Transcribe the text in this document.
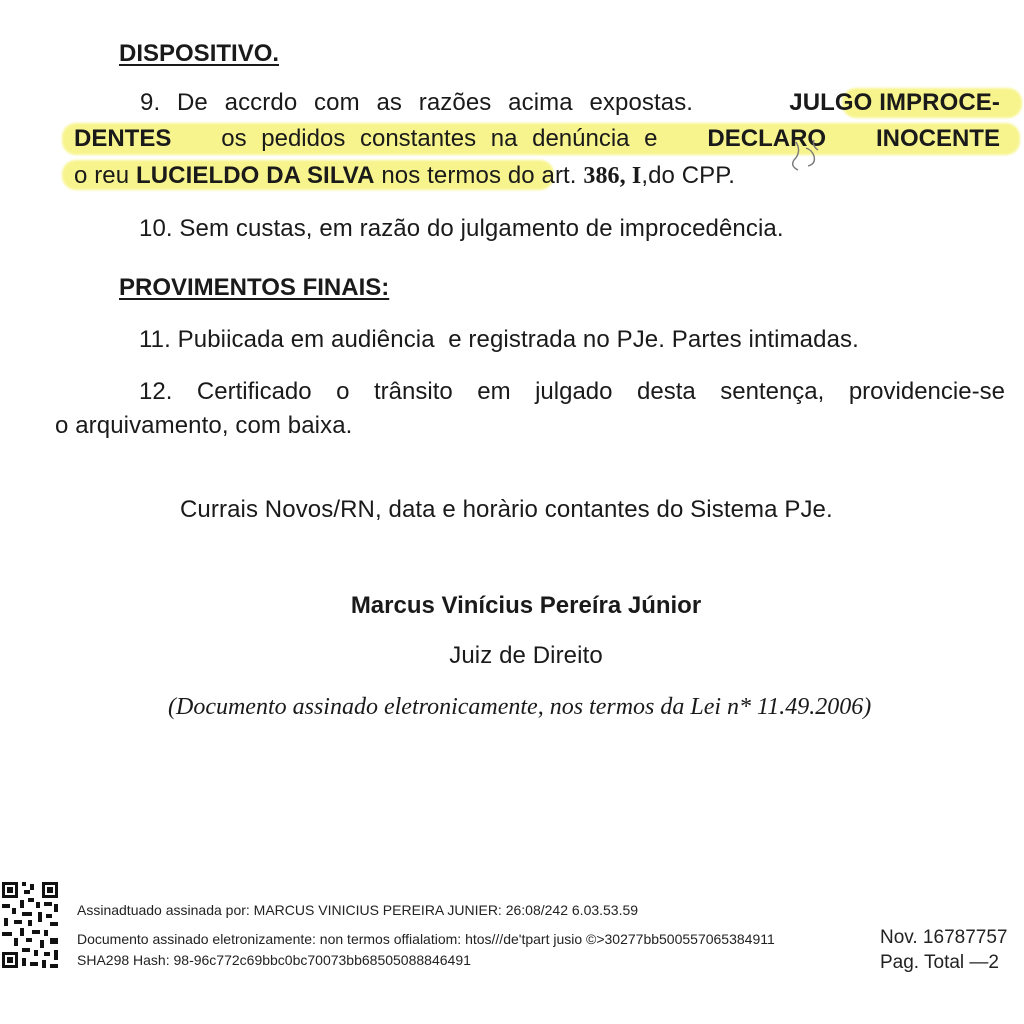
DISPOSITIVO.
9. De accrdo com as razões acima expostas.	JULGO IMPROCE-
DENTES os pedidos constantes na denúncia e DECLARO INOCENTE
o reu LUCIELDO DA SILVA nos termos do art. 386, I,do CPP.
10. Sem custas, em razão do julgamento de improcedência.
PROVIMENTOS FINAIS:
11. Pubiicada em audiência  e registrada no PJe. Partes intimadas.
12. Certificado o trânsito em julgado desta sentença, providencie-se
o arquivamento, com baixa.
Currais Novos/RN, data e horàrio contantes do Sistema PJe.
Marcus Vinícius Pereíra Júnior
Juiz de Direito
(Documento assinado eletronicamente, nos termos da Lei n* 11.49.2006)
Assinadtuado assinada por: MARCUS VINICIUS PEREIRA JUNIER: 26:08/242 6.03.53.59
Documento assinado eletronizamente: non termos offialatiom: htos///de'tpart jusio ©>30277bb500557065384911
SHA298 Hash: 98-96c772c69bbc0bc70073bb68505088846491
Nov. 16787757
Pag. Total —2
